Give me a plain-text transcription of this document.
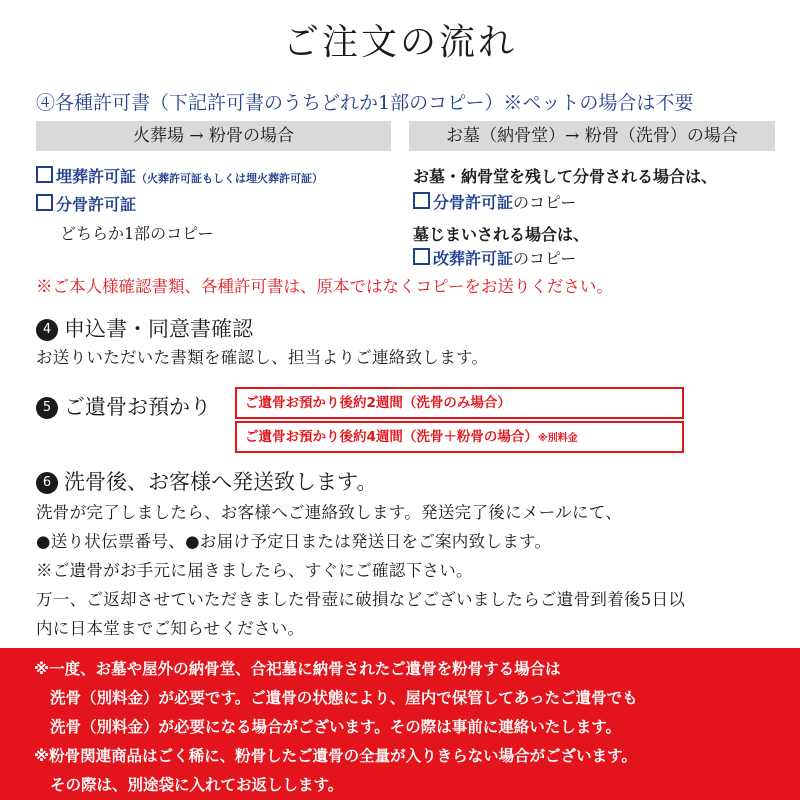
ご注文の流れ
④各種許可書（下記許可書のうちどれか1部のコピー）※ペットの場合は不要
火葬場 → 粉骨の場合	お墓（納骨堂）→ 粉骨（洗骨）の場合
埋葬許可証（火葬許可証もしくは埋火葬許可証）
分骨許可証
どちらか1部のコピー
お墓・納骨堂を残して分骨される場合は、
分骨許可証のコピー
墓じまいされる場合は、
改葬許可証のコピー
※ご本人様確認書類、各種許可書は、原本ではなくコピーをお送りください。
4 申込書・同意書確認
お送りいただいた書類を確認し、担当よりご連絡致します。
5 ご遺骨お預かり	ご遺骨お預かり後約2週間（洗骨のみ場合）
ご遺骨お預かり後約4週間（洗骨＋粉骨の場合）※別料金
6 洗骨後、お客様へ発送致します。
洗骨が完了しましたら、お客様へご連絡致します。発送完了後にメールにて、
●送り状伝票番号、●お届け予定日または発送日をご案内致します。
※ご遺骨がお手元に届きましたら、すぐにご確認下さい。
万一、ご返却させていただきました骨壺に破損などございましたらご遺骨到着後5日以
内に日本堂までご知らせください。
※一度、お墓や屋外の納骨堂、合祀墓に納骨されたご遺骨を粉骨する場合は
洗骨（別料金）が必要です。ご遺骨の状態により、屋内で保管してあったご遺骨でも
洗骨（別料金）が必要になる場合がございます。その際は事前に連絡いたします。
※粉骨関連商品はごく稀に、粉骨したご遺骨の全量が入りきらない場合がございます。
その際は、別途袋に入れてお返しします。
